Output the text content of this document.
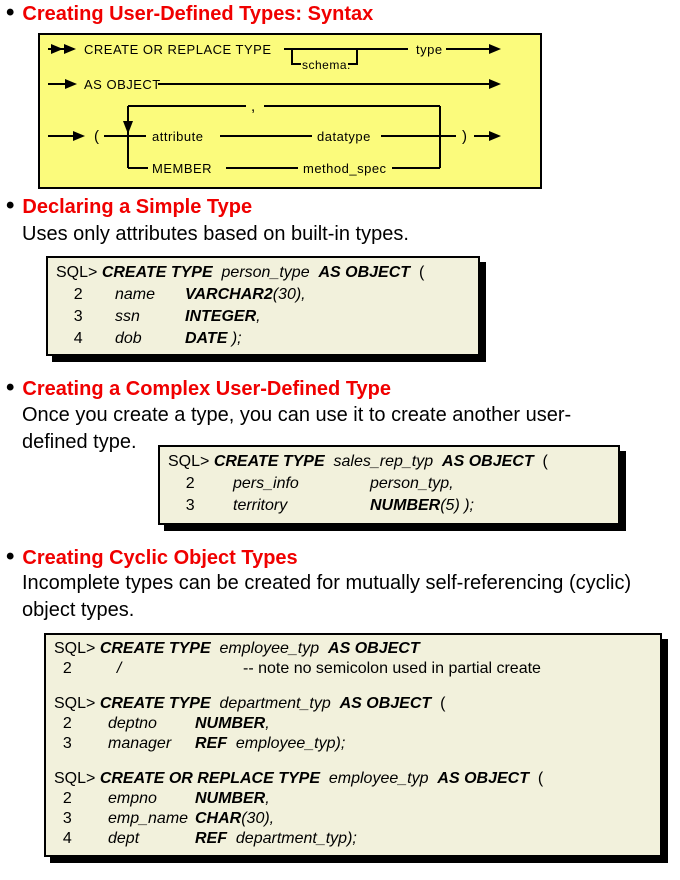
• Creating User-Defined Types: Syntax
CREATE OR REPLACE TYPE
schema.
type
AS OBJECT
(
,
attribute	datatype	)
MEMBER	method_spec
• Declaring a Simple Type
Uses only attributes based on built-in types.
SQL> CREATE TYPE person_type AS OBJECT  (
2 name VARCHAR2(30),
3 ssn	INTEGER,
4 dob	DATE );
• Creating a Complex User-Defined Type
Once you create a type, you can use it to create another user-defined type.
SQL> CREATE TYPE sales_rep_typ AS OBJECT  (
2 pers_info	person_typ,
3 territory	NUMBER(5) );
• Creating Cyclic Object Types
Incomplete types can be created for mutually self-referencing (cyclic) object types.
SQL> CREATE TYPE employee_typ AS OBJECT
2  /	-- note no semicolon used in partial create
SQL> CREATE TYPE department_typ AS OBJECT  (
2 deptno NUMBER,
3 manager REF  employee_typ);
SQL> CREATE OR REPLACE TYPE employee_typ AS OBJECT  (
2 empno NUMBER,
3 emp_name CHAR(30),
4 dept	REF  department_typ);
